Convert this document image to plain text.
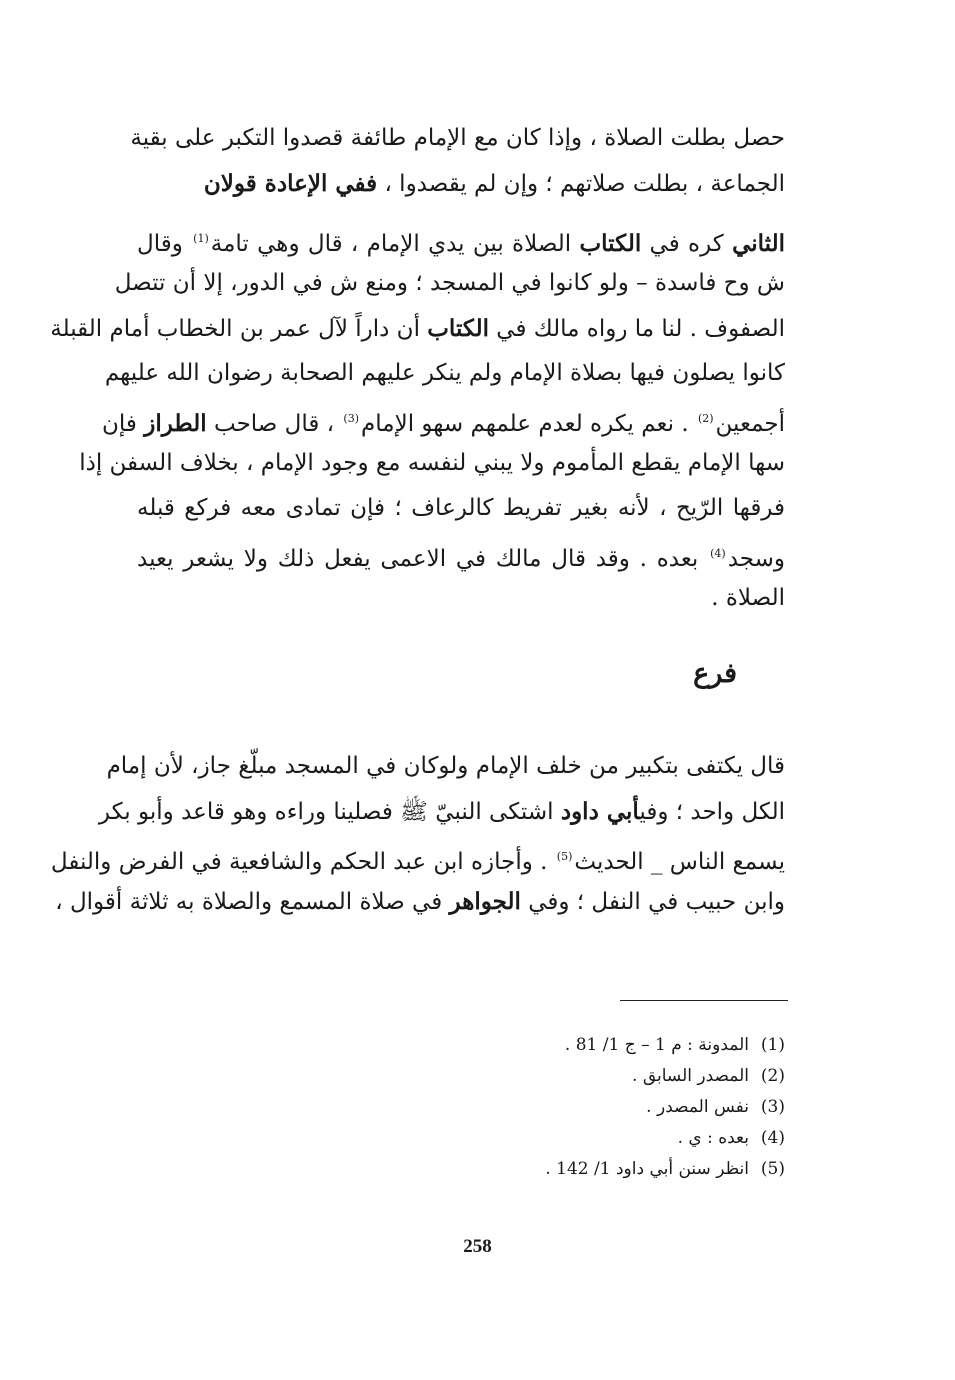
حصل بطلت الصلاة ، وإذا كان مع الإمام طائفة قصدوا التكبر على بقية
الجماعة ، بطلت صلاتهم ؛ وإن لم يقصدوا ، ففي الإعادة قولان
الثاني كره في الكتاب الصلاة بين يدي الإمام ، قال وهي تامة$^{(1)}$ وقال
ش وح فاسدة – ولو كانوا في المسجد ؛ ومنع ش في الدور، إلا أن تتصل
الصفوف . لنا ما رواه مالك في الكتاب أن داراً لآل عمر بن الخطاب أمام القبلة
كانوا يصلون فيها بصلاة الإمام ولم ينكر عليهم الصحابة رضوان الله عليهم
أجمعين$^{(2)}$ . نعم يكره لعدم علمهم سهو الإمام$^{(3)}$ ، قال صاحب الطراز فإن
سها الإمام يقطع المأموم ولا يبني لنفسه مع وجود الإمام ، بخلاف السفن إذا
فرقها الرّيح ، لأنه بغير تفريط كالرعاف ؛ فإن تمادى معه فركع قبله
وسجد$^{(4)}$ بعده . وقد قال مالك في الاعمى يفعل ذلك ولا يشعر يعيد
الصلاة .
فرع
قال يكتفى بتكبير من خلف الإمام ولوكان في المسجد مبلّغ جاز، لأن إمام
الكل واحد ؛ وفيأبي داود اشتكى النبيّ ﷺ فصلينا وراءه وهو قاعد وأبو بكر
يسمع الناس _ الحديث$^{(5)}$ . وأجازه ابن عبد الحكم والشافعية في الفرض والنفل
وابن حبيب في النفل ؛ وفي الجواهر في صلاة المسمع والصلاة به ثلاثة أقوال ،
(1)المدونة : م 1 – ج 1/ 81 .
(2)المصدر السابق .
(3)نفس المصدر .
(4)بعده : ي .
(5)انظر سنن أبي داود 1/ 142 .
258
